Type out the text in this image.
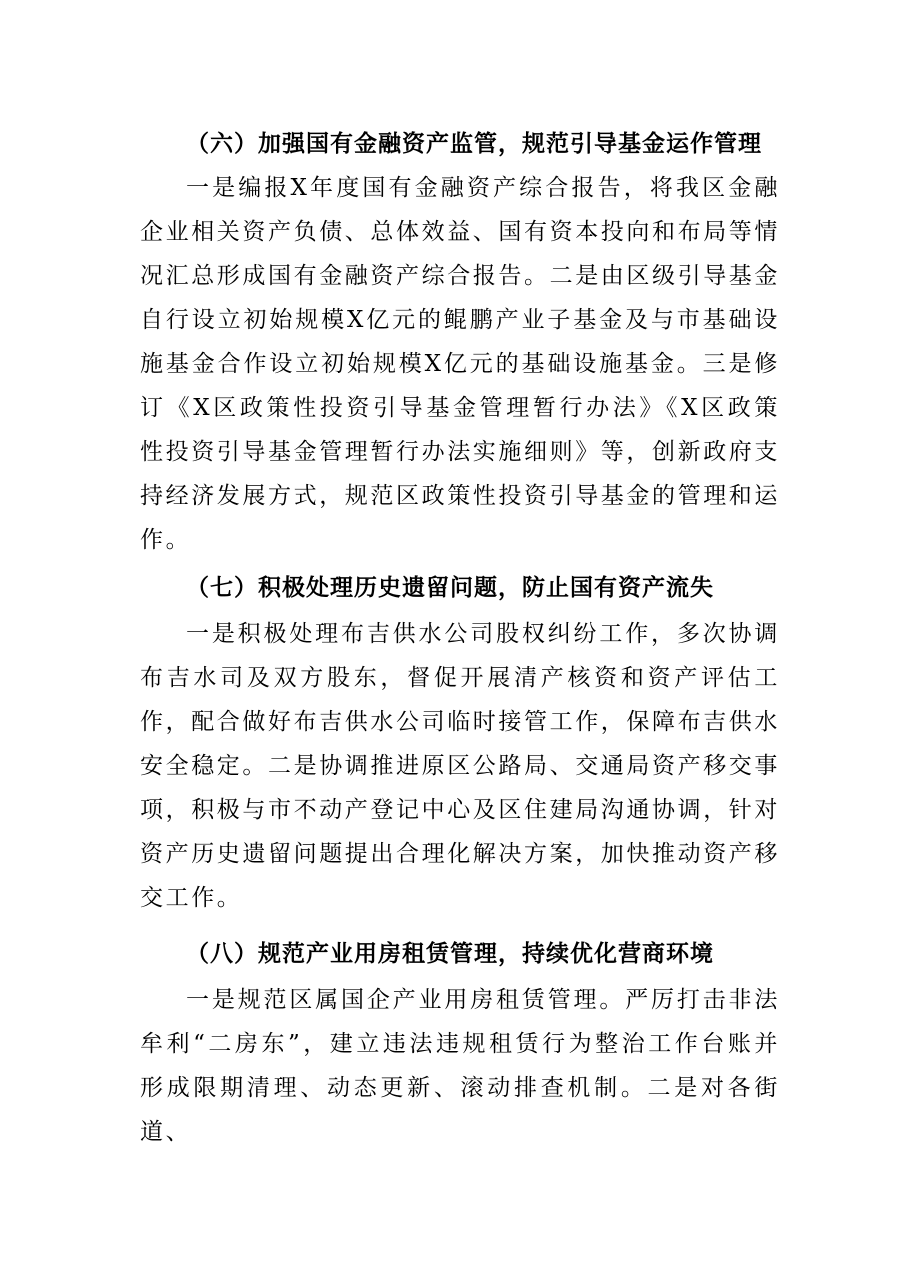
（六）加强国有金融资产监管，规范引导基金运作管理

一是编报X年度国有金融资产综合报告，将我区金融企业相关资产负债、总体效益、国有资本投向和布局等情况汇总形成国有金融资产综合报告。二是由区级引导基金自行设立初始规模X亿元的鲲鹏产业子基金及与市基础设施基金合作设立初始规模X亿元的基础设施基金。三是修订《X区政策性投资引导基金管理暂行办法》《X区政策性投资引导基金管理暂行办法实施细则》等，创新政府支持经济发展方式，规范区政策性投资引导基金的管理和运作。

（七）积极处理历史遗留问题，防止国有资产流失

一是积极处理布吉供水公司股权纠纷工作，多次协调布吉水司及双方股东，督促开展清产核资和资产评估工作，配合做好布吉供水公司临时接管工作，保障布吉供水安全稳定。二是协调推进原区公路局、交通局资产移交事项，积极与市不动产登记中心及区住建局沟通协调，针对资产历史遗留问题提出合理化解决方案，加快推动资产移交工作。

（八）规范产业用房租赁管理，持续优化营商环境

一是规范区属国企产业用房租赁管理。严厉打击非法牟利“二房东”，建立违法违规租赁行为整治工作台账并形成限期清理、动态更新、滚动排查机制。二是对各街道、
